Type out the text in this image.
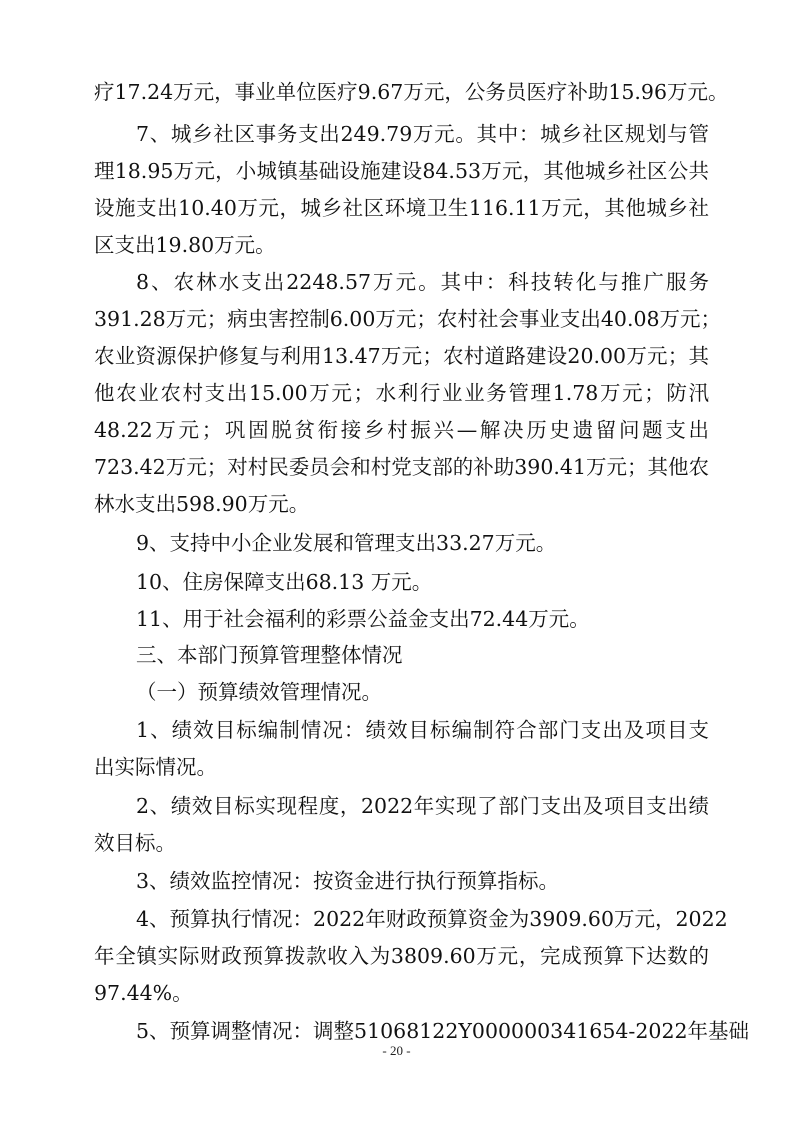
疗17.24万元，事业单位医疗9.67万元，公务员医疗补助15.96万元。
7、城乡社区事务支出249.79万元。其中：城乡社区规划与管
理18.95万元，小城镇基础设施建设84.53万元，其他城乡社区公共
设施支出10.40万元，城乡社区环境卫生116.11万元，其他城乡社
区支出19.80万元。
8、农林水支出2248.57万元。其中：科技转化与推广服务
391.28万元；病虫害控制6.00万元；农村社会事业支出40.08万元；
农业资源保护修复与利用13.47万元；农村道路建设20.00万元；其
他农业农村支出15.00万元；水利行业业务管理1.78万元；防汛
48.22万元；巩固脱贫衔接乡村振兴—解决历史遗留问题支出
723.42万元；对村民委员会和村党支部的补助390.41万元；其他农
林水支出598.90万元。
9、支持中小企业发展和管理支出33.27万元。
10、住房保障支出68.13 万元。
11、用于社会福利的彩票公益金支出72.44万元。
三、本部门预算管理整体情况
（一）预算绩效管理情况。
1、绩效目标编制情况：绩效目标编制符合部门支出及项目支
出实际情况。
2、绩效目标实现程度，2022年实现了部门支出及项目支出绩
效目标。
3、绩效监控情况：按资金进行执行预算指标。
4、预算执行情况：2022年财政预算资金为3909.60万元，2022
年全镇实际财政预算拨款收入为3809.60万元，完成预算下达数的
97.44%。
5、预算调整情况：调整51068122Y000000341654-2022年基础
- 20 -
